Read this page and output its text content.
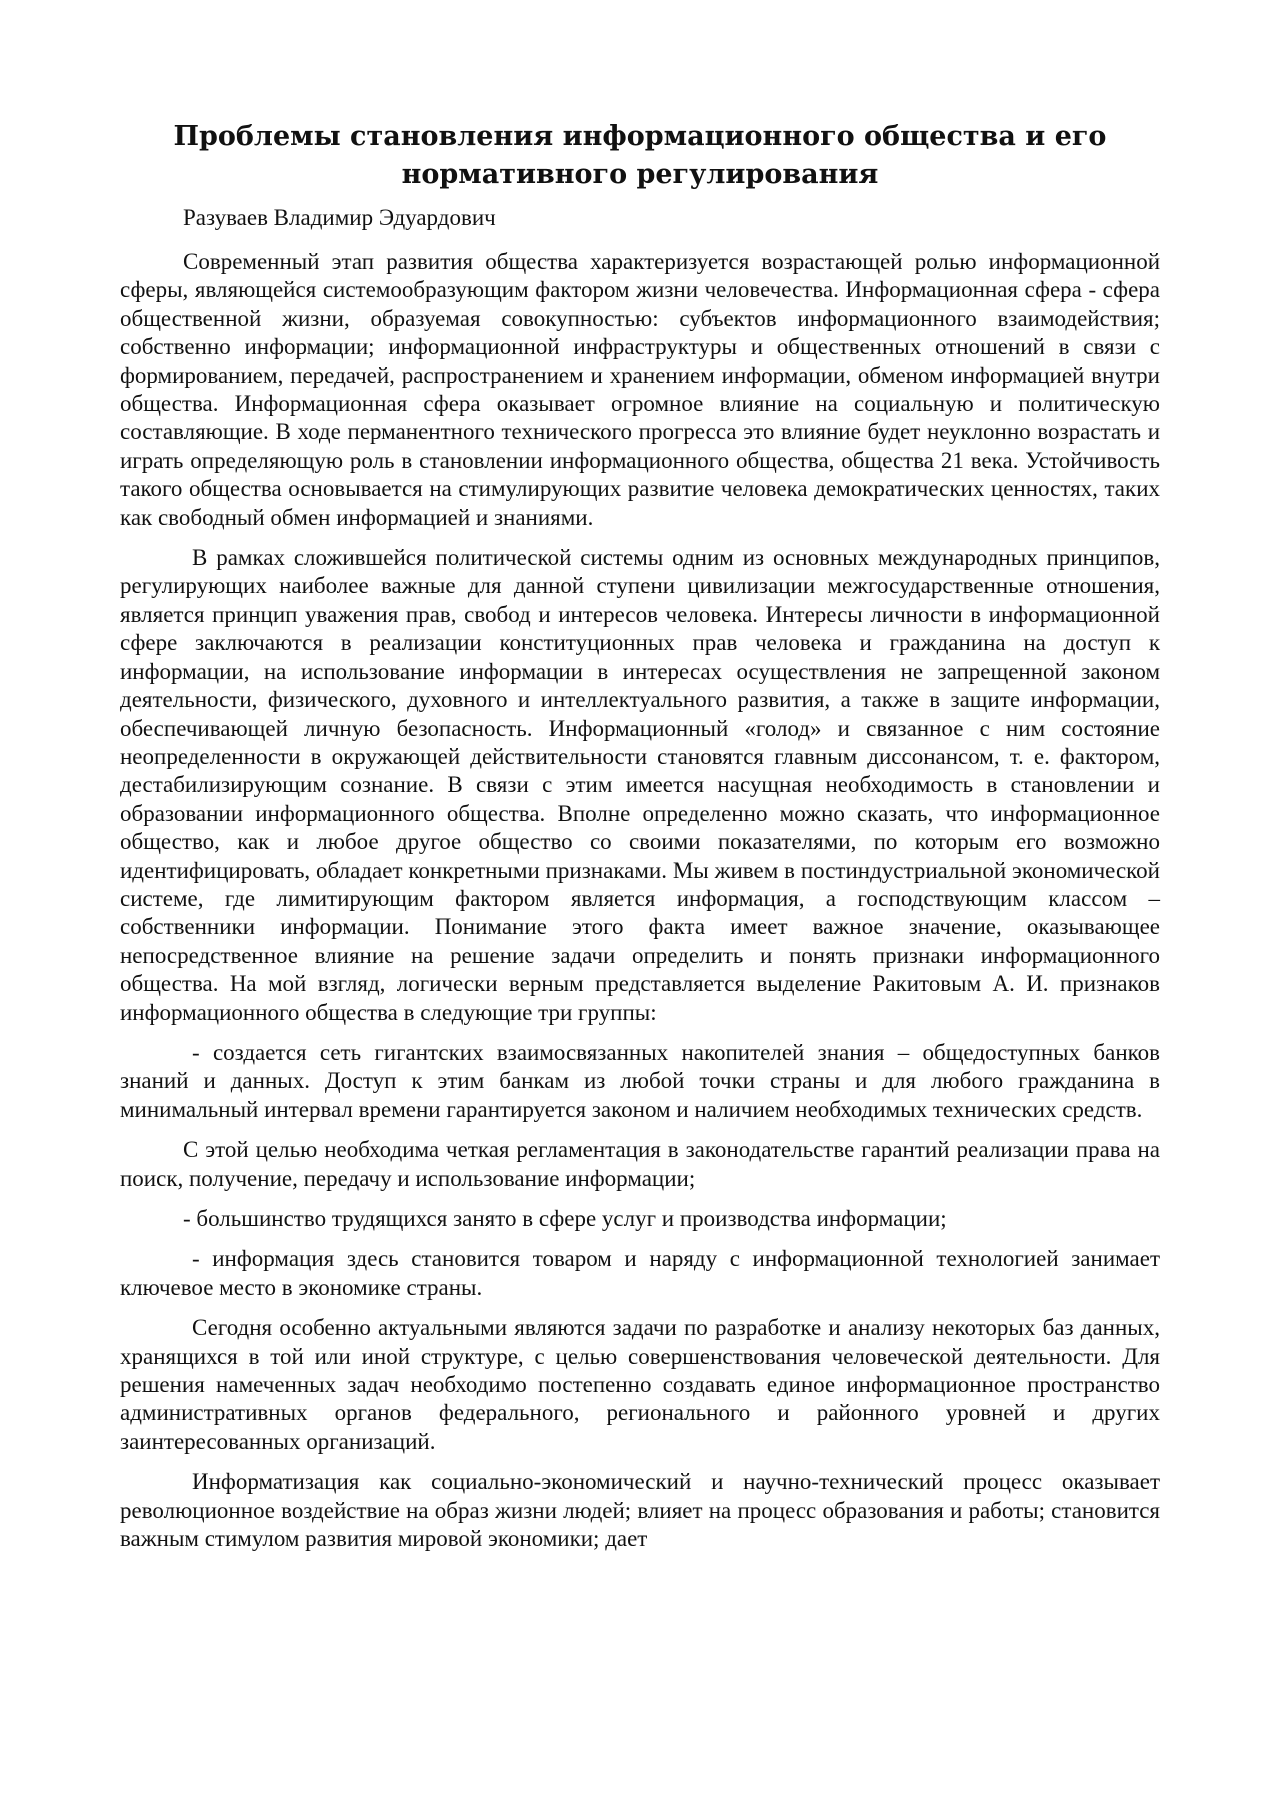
Проблемы становления информационного общества и его нормативного регулирования

Разуваев Владимир Эдуардович

Современный этап развития общества характеризуется возрастающей ролью информационной сферы, являющейся системообразующим фактором жизни человечества. Информационная сфера - сфера общественной жизни, образуемая совокупностью: субъектов информационного взаимодействия; собственно информации; информационной инфраструктуры и общественных отношений в связи с формированием, передачей, распространением и хранением информации, обменом информацией внутри общества. Информационная сфера оказывает огромное влияние на социальную и политическую составляющие. В ходе перманентного технического прогресса это влияние будет неуклонно возрастать и играть определяющую роль в становлении информационного общества, общества 21 века. Устойчивость такого общества основывается на стимулирующих развитие человека демократических ценностях, таких как свободный обмен информацией и знаниями.

В рамках сложившейся политической системы одним из основных международных принципов, регулирующих наиболее важные для данной ступени цивилизации межгосударственные отношения, является принцип уважения прав, свобод и интересов человека. Интересы личности в информационной сфере заключаются в реализации конституционных прав человека и гражданина на доступ к информации, на использование информации в интересах осуществления не запрещенной законом деятельности, физического, духовного и интеллектуального развития, а также в защите информации, обеспечивающей личную безопасность. Информационный «голод» и связанное с ним состояние неопределенности в окружающей действительности становятся главным диссонансом, т. е. фактором, дестабилизирующим сознание. В связи с этим имеется насущная необходимость в становлении и образовании информационного общества. Вполне определенно можно сказать, что информационное общество, как и любое другое общество со своими показателями, по которым его возможно идентифицировать, обладает конкретными признаками. Мы живем в постиндустриальной экономической системе, где лимитирующим фактором является информация, а господствующим классом – собственники информации. Понимание этого факта имеет важное значение, оказывающее непосредственное влияние на решение задачи определить и понять признаки информационного общества. На мой взгляд, логически верным представляется выделение Ракитовым А. И. признаков информационного общества в следующие три группы:

- создается сеть гигантских взаимосвязанных накопителей знания – общедоступных банков знаний и данных. Доступ к этим банкам из любой точки страны и для любого гражданина в минимальный интервал времени гарантируется законом и наличием необходимых технических средств.

С этой целью необходима четкая регламентация в законодательстве гарантий реализации права на поиск, получение, передачу и использование информации;

- большинство трудящихся занято в сфере услуг и производства информации;

- информация здесь становится товаром и наряду с информационной технологией занимает ключевое место в экономике страны.

Сегодня особенно актуальными являются задачи по разработке и анализу некоторых баз данных, хранящихся в той или иной структуре, с целью совершенствования человеческой деятельности. Для решения намеченных задач необходимо постепенно создавать единое информационное пространство административных органов федерального, регионального и районного уровней и других заинтересованных организаций.

Информатизация как социально-экономический и научно-технический процесс оказывает революционное воздействие на образ жизни людей; влияет на процесс образования и работы; становится важным стимулом развития мировой экономики; дает
